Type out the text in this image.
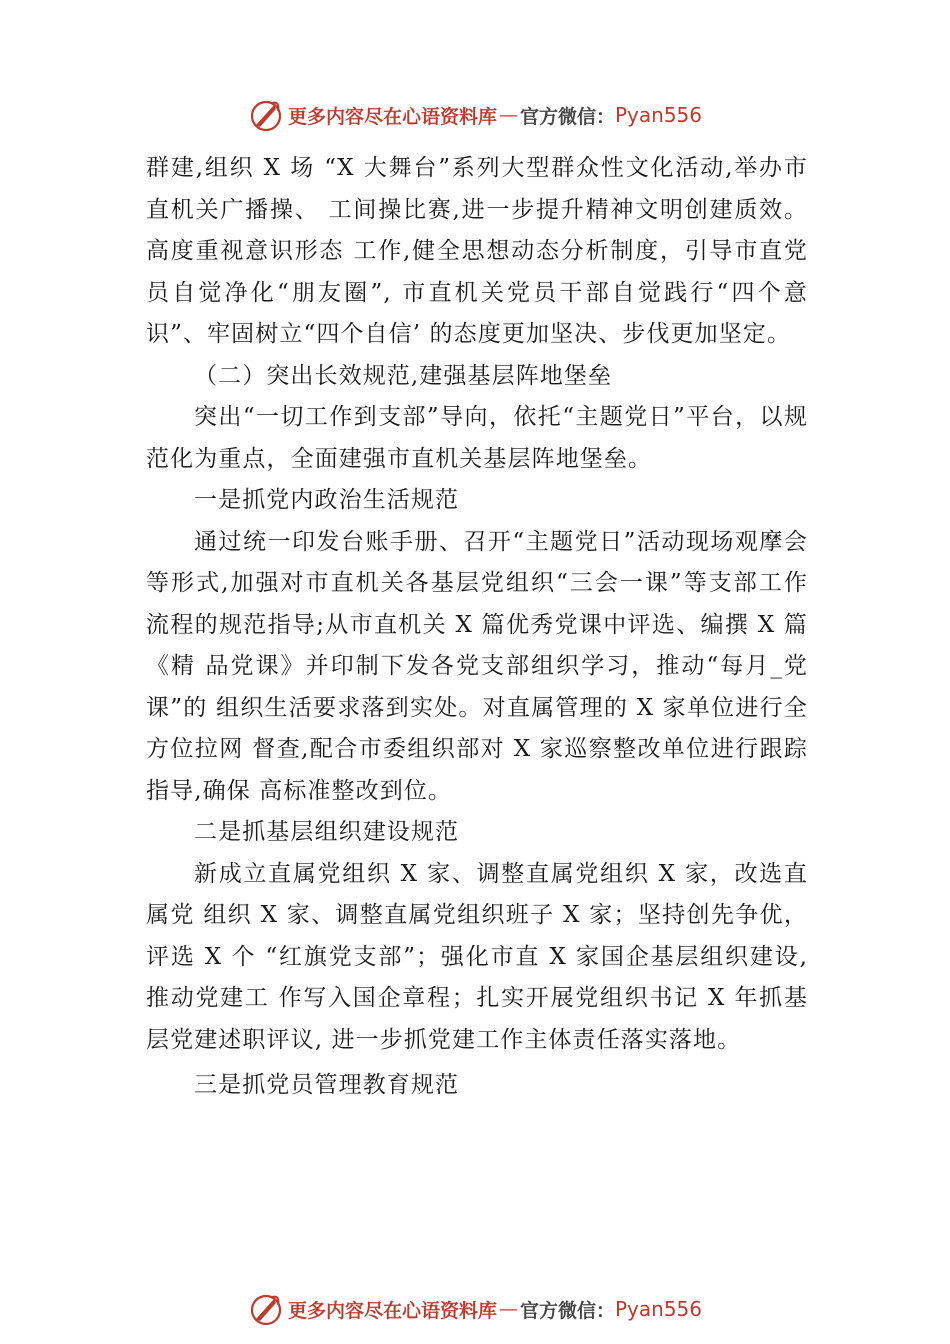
更多内容尽在心语资料库 — 官方微信： Pyan556

群建,组织 X 场 “X 大舞台”系列大型群众性文化活动,举办市直机关广播操、 工间操比赛,进一步提升精神文明创建质效。高度重视意识形态 工作,健全思想动态分析制度，引导市直党员自觉净化“朋友圈”, 市直机关党员干部自觉践行“四个意识”、牢固树立“四个自信’ 的态度更加坚决、步伐更加坚定。

（二）突出长效规范,建强基层阵地堡垒

突出“一切工作到支部”导向，依托“主题党日”平台，以规范化为重点，全面建强市直机关基层阵地堡垒。

一是抓党内政治生活规范

通过统一印发台账手册、召开“主题党日”活动现场观摩会 等形式,加强对市直机关各基层党组织“三会一课”等支部工作 流程的规范指导;从市直机关 X 篇优秀党课中评选、编撰 X 篇《精 品党课》并印制下发各党支部组织学习，推动“每月_党课”的 组织生活要求落到实处。对直属管理的 X 家单位进行全方位拉网 督查,配合市委组织部对 X 家巡察整改单位进行跟踪指导,确保 高标准整改到位。

二是抓基层组织建设规范

新成立直属党组织 X 家、调整直属党组织 X 家，改选直属党 组织 X 家、调整直属党组织班子 X 家；坚持创先争优， 评选 X 个 “红旗党支部”；强化市直 X 家国企基层组织建设, 推动党建工 作写入国企章程；扎实开展党组织书记 X 年抓基层党建述职评议, 进一步抓党建工作主体责任落实落地。

三是抓党员管理教育规范

更多内容尽在心语资料库 — 官方微信： Pyan556
